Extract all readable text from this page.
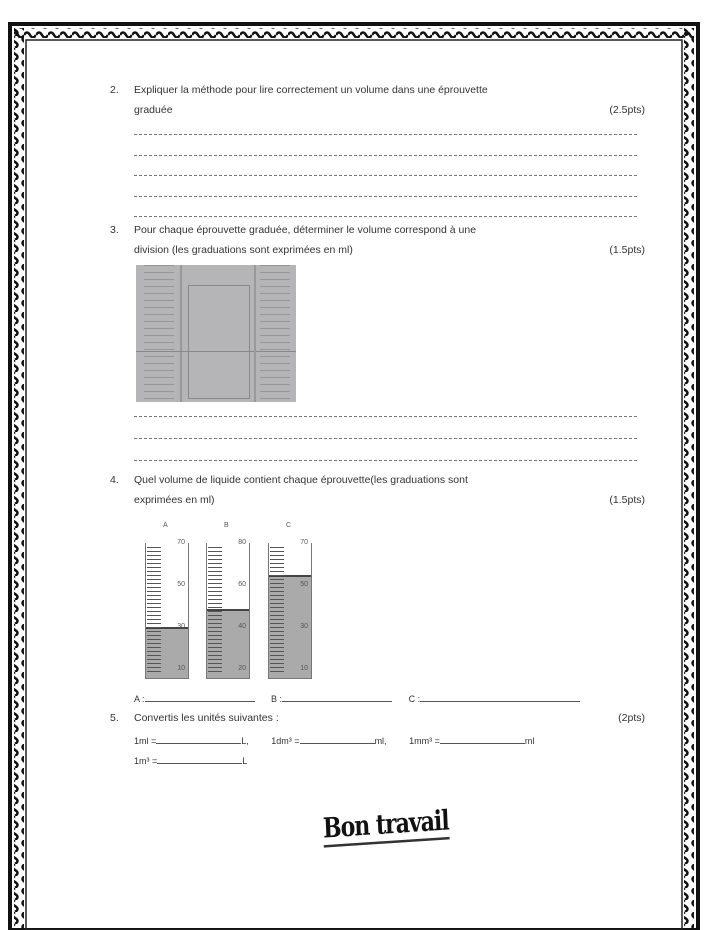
2. Expliquer la méthode pour lire correctement un volume dans une éprouvette
graduée	(2.5pts)
3. Pour chaque éprouvette graduée, déterminer le volume correspond à une
division (les graduations sont exprimées en ml)	(1.5pts)
4. Quel volume de liquide contient chaque éprouvette(les graduations sont
exprimées en ml)	(1.5pts)
A
70
50
30
10
B
80
60
40
20
C
70
50
30
10
A :	B :	C :
5. Convertis les unités suivantes :	(2pts)
1ml =	L,	1dm³ =	ml,	1mm³ =	ml
1m³ =	L
Bon travail
